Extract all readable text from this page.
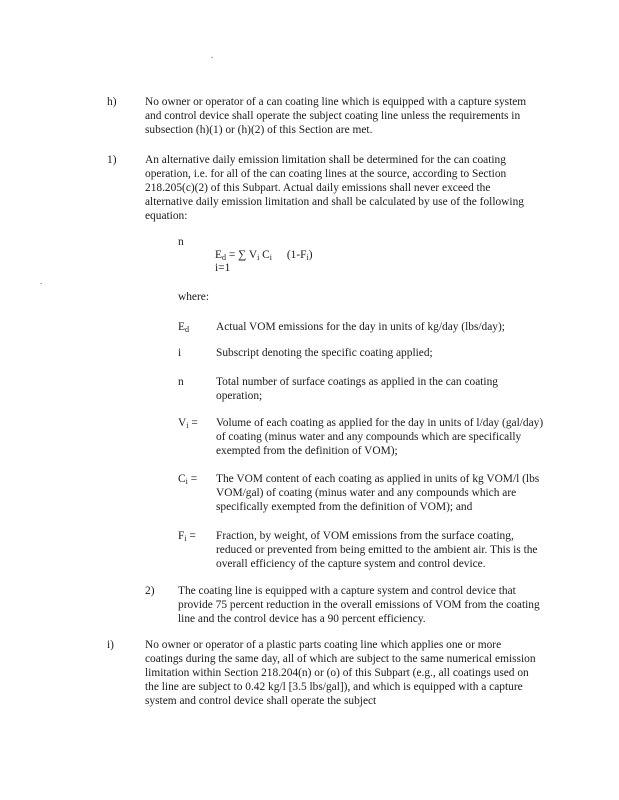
.
.
h)	No owner or operator of a can coating line which is equipped with a capture system and control device shall operate the subject coating line unless the requirements in subsection (h)(1) or (h)(2) of this Section are met.
1)	An alternative daily emission limitation shall be determined for the can coating operation, i.e. for all of the can coating lines at the source, according to Section 218.205(c)(2) of this Subpart. Actual daily emissions shall never exceed the alternative daily emission limitation and shall be calculated by use of the following equation:
n
Ed = ∑ Vi Ci (1-Fi)
i=1
where:
Ed Actual VOM emissions for the day in units of kg/day (lbs/day);
i	Subscript denoting the specific coating applied;
n	Total number of surface coatings as applied in the can coating operation;
Vi = Volume of each coating as applied for the day in units of l/day (gal/day) of coating (minus water and any compounds which are specifically exempted from the definition of VOM);
Ci = The VOM content of each coating as applied in units of kg VOM/l (lbs VOM/gal) of coating (minus water and any compounds which are specifically exempted from the definition of VOM); and
Fi = Fraction, by weight, of VOM emissions from the surface coating, reduced or prevented from being emitted to the ambient air. This is the overall efficiency of the capture system and control device.
2) The coating line is equipped with a capture system and control device that provide 75 percent reduction in the overall emissions of VOM from the coating line and the control device has a 90 percent efficiency.
i)	No owner or operator of a plastic parts coating line which applies one or more coatings during the same day, all of which are subject to the same numerical emission limitation within Section 218.204(n) or (o) of this Subpart (e.g., all coatings used on the line are subject to 0.42 kg/l [3.5 lbs/gal]), and which is equipped with a capture system and control device shall operate the subject
